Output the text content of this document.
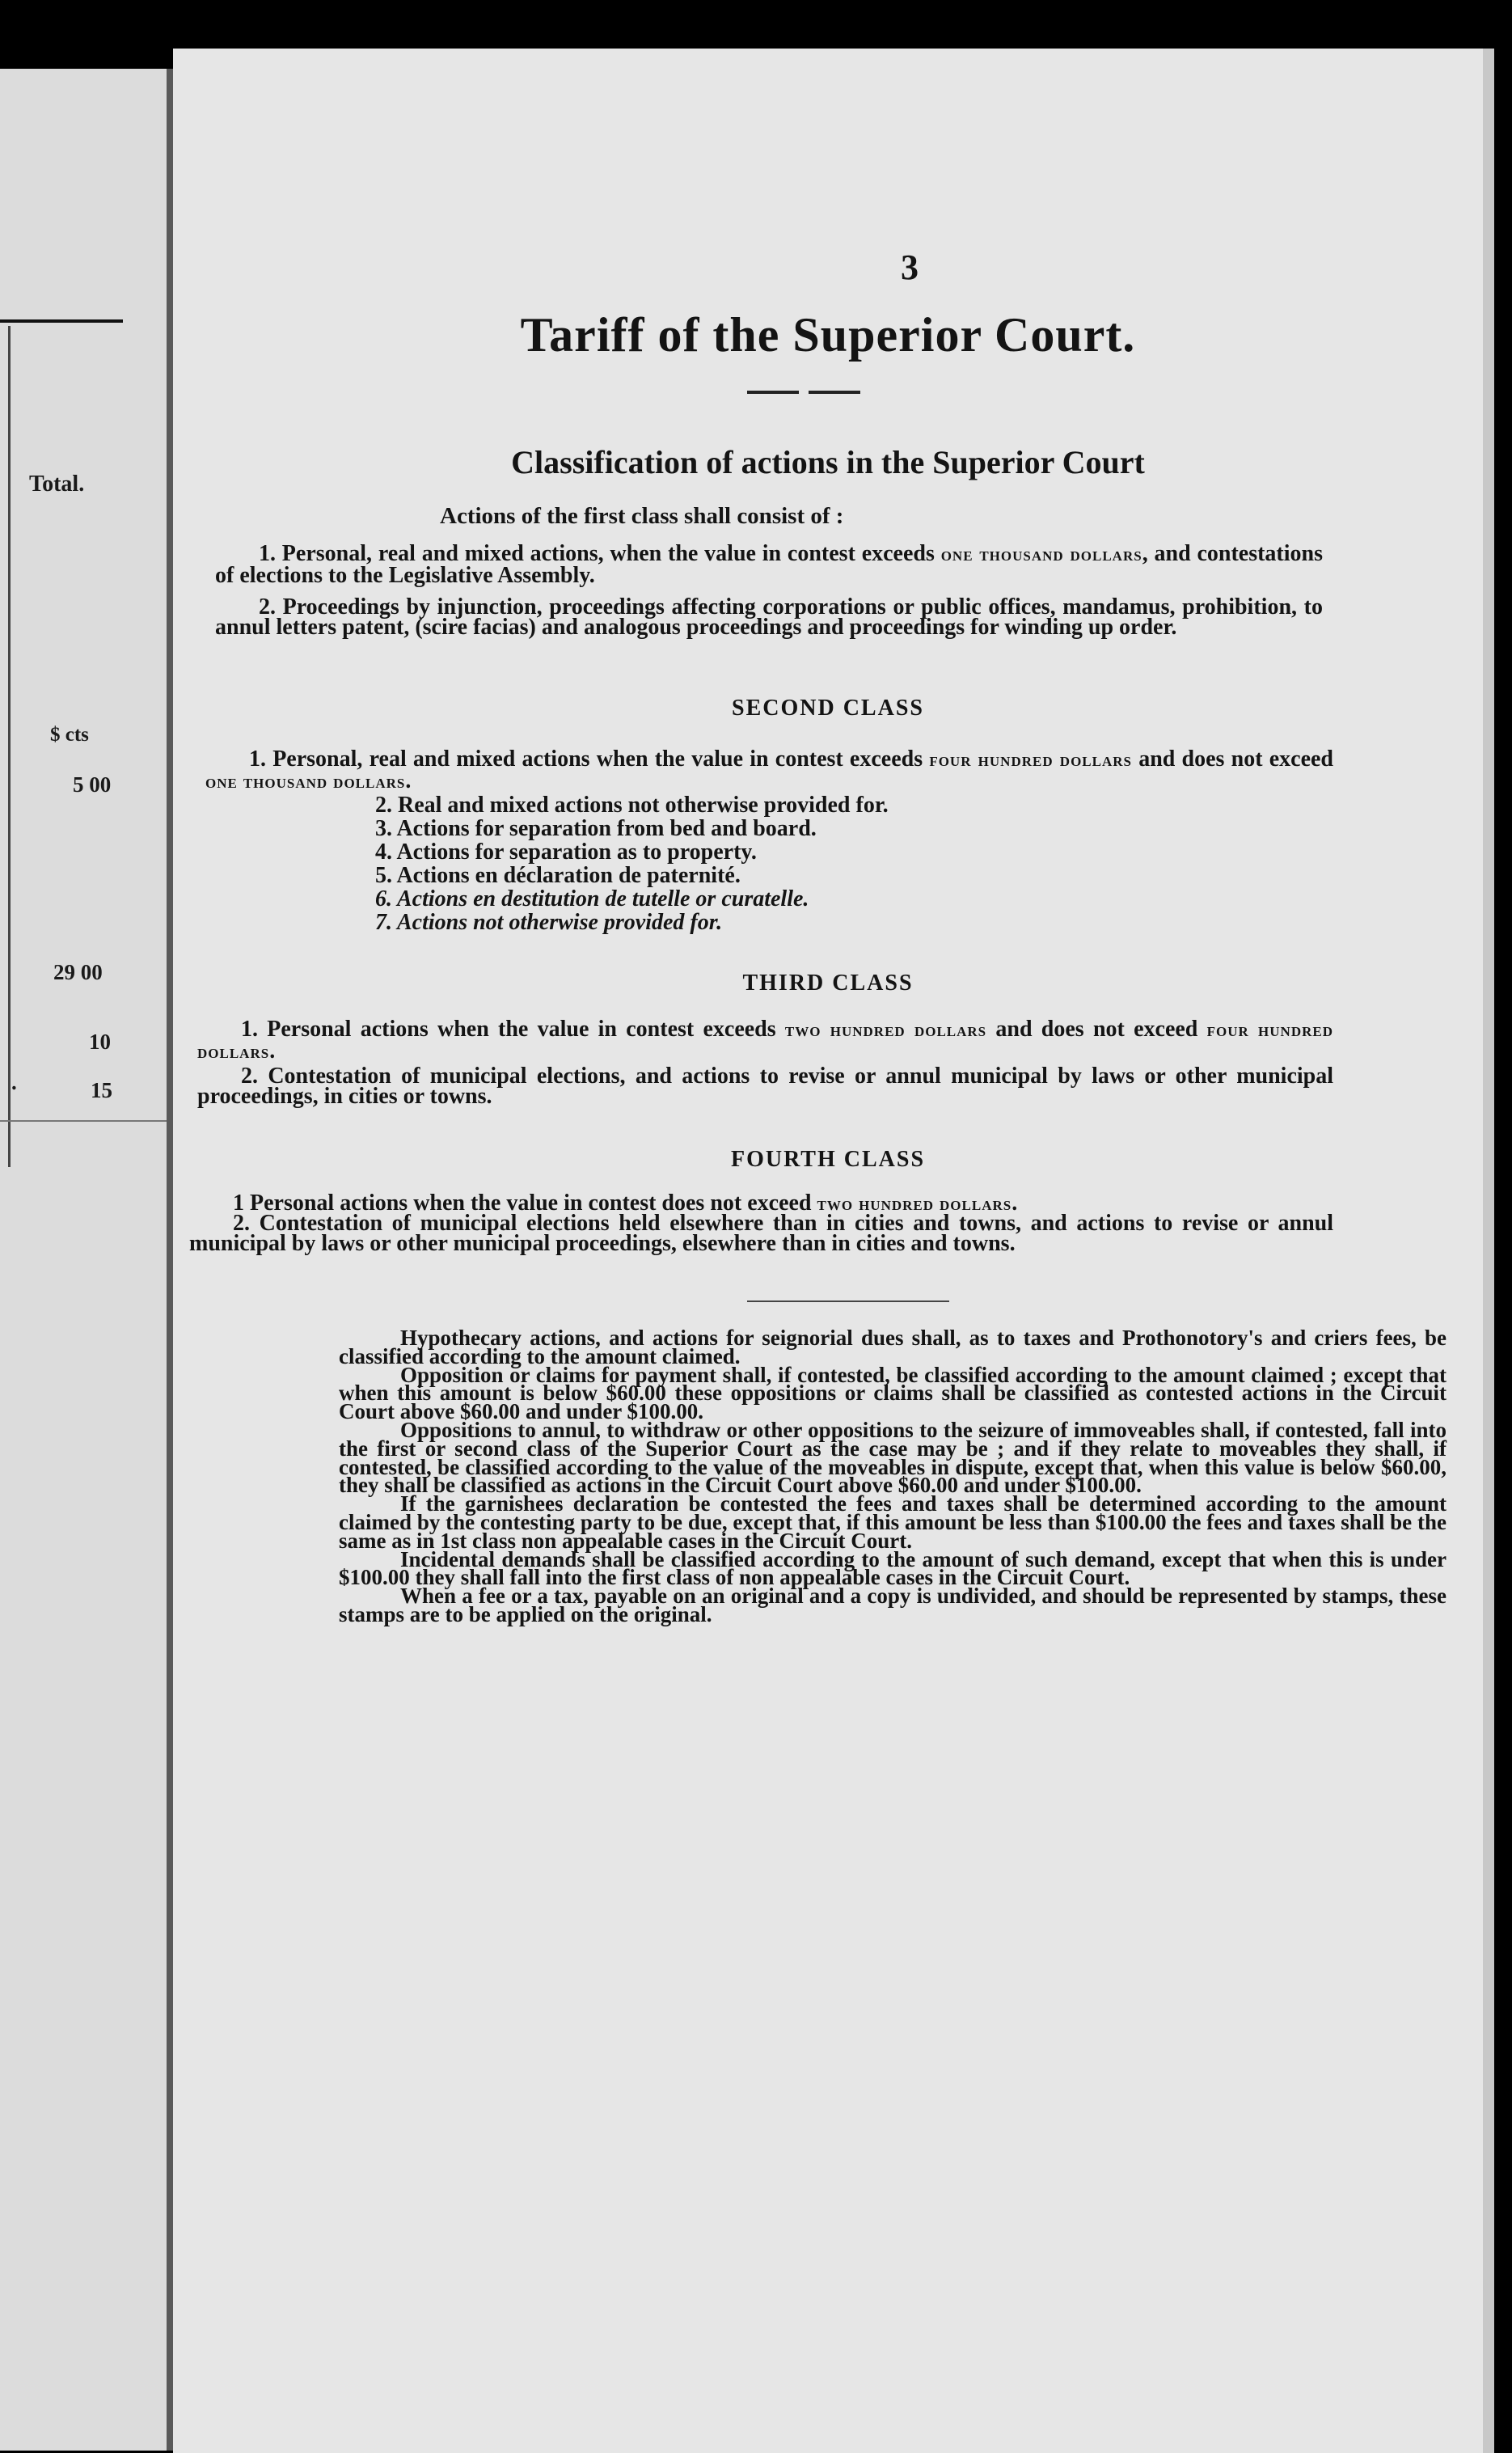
Total.
$ cts
5 00
29 00
10
.	15
3
Tariff of the Superior Court.
Classification of actions in the Superior Court
Actions of the first class shall consist of :

1. Personal, real and mixed actions, when the value in contest exceeds one thousand dollars, and contestations of elections to the Legislative Assembly.

2. Proceedings by injunction, proceedings affecting corporations or public offices, mandamus, prohibition, to annul letters patent, (scire facias) and analogous proceedings and proceedings for winding up order.

SECOND CLASS

1. Personal, real and mixed actions when the value in contest exceeds four hundred dollars and does not exceed one thousand dollars.

2. Real and mixed actions not otherwise provided for.
3. Actions for separation from bed and board.
4. Actions for separation as to property.
5. Actions en déclaration de paternité.
6. Actions en destitution de tutelle or curatelle.
7. Actions not otherwise provided for.
THIRD CLASS

1. Personal actions when the value in contest exceeds two hundred dollars and does not exceed four hundred dollars.

2. Contestation of municipal elections, and actions to revise or annul municipal by laws or other municipal proceedings, in cities or towns.

FOURTH CLASS

1 Personal actions when the value in contest does not exceed two hundred dollars.

2. Contestation of municipal elections held elsewhere than in cities and towns, and actions to revise or annul municipal by laws or other municipal proceedings, elsewhere than in cities and towns.

Hypothecary actions, and actions for seignorial dues shall, as to taxes and Prothonotory's and criers fees, be classified according to the amount claimed.

Opposition or claims for payment shall, if contested, be classified according to the amount claimed ; except that when this amount is below $60.00 these oppositions or claims shall be classified as contested actions in the Circuit Court above $60.00 and under $100.00.

Oppositions to annul, to withdraw or other oppositions to the seizure of immoveables shall, if contested, fall into the first or second class of the Superior Court as the case may be ; and if they relate to moveables they shall, if contested, be classified according to the value of the moveables in dispute, except that, when this value is below $60.00, they shall be classified as actions in the Circuit Court above $60.00 and under $100.00.

If the garnishees declaration be contested the fees and taxes shall be determined according to the amount claimed by the contesting party to be due, except that, if this amount be less than $100.00 the fees and taxes shall be the same as in 1st class non appealable cases in the Circuit Court.

Incidental demands shall be classified according to the amount of such demand, except that when this is under $100.00 they shall fall into the first class of non appealable cases in the Circuit Court.

When a fee or a tax, payable on an original and a copy is undivided, and should be represented by stamps, these stamps are to be applied on the original.
